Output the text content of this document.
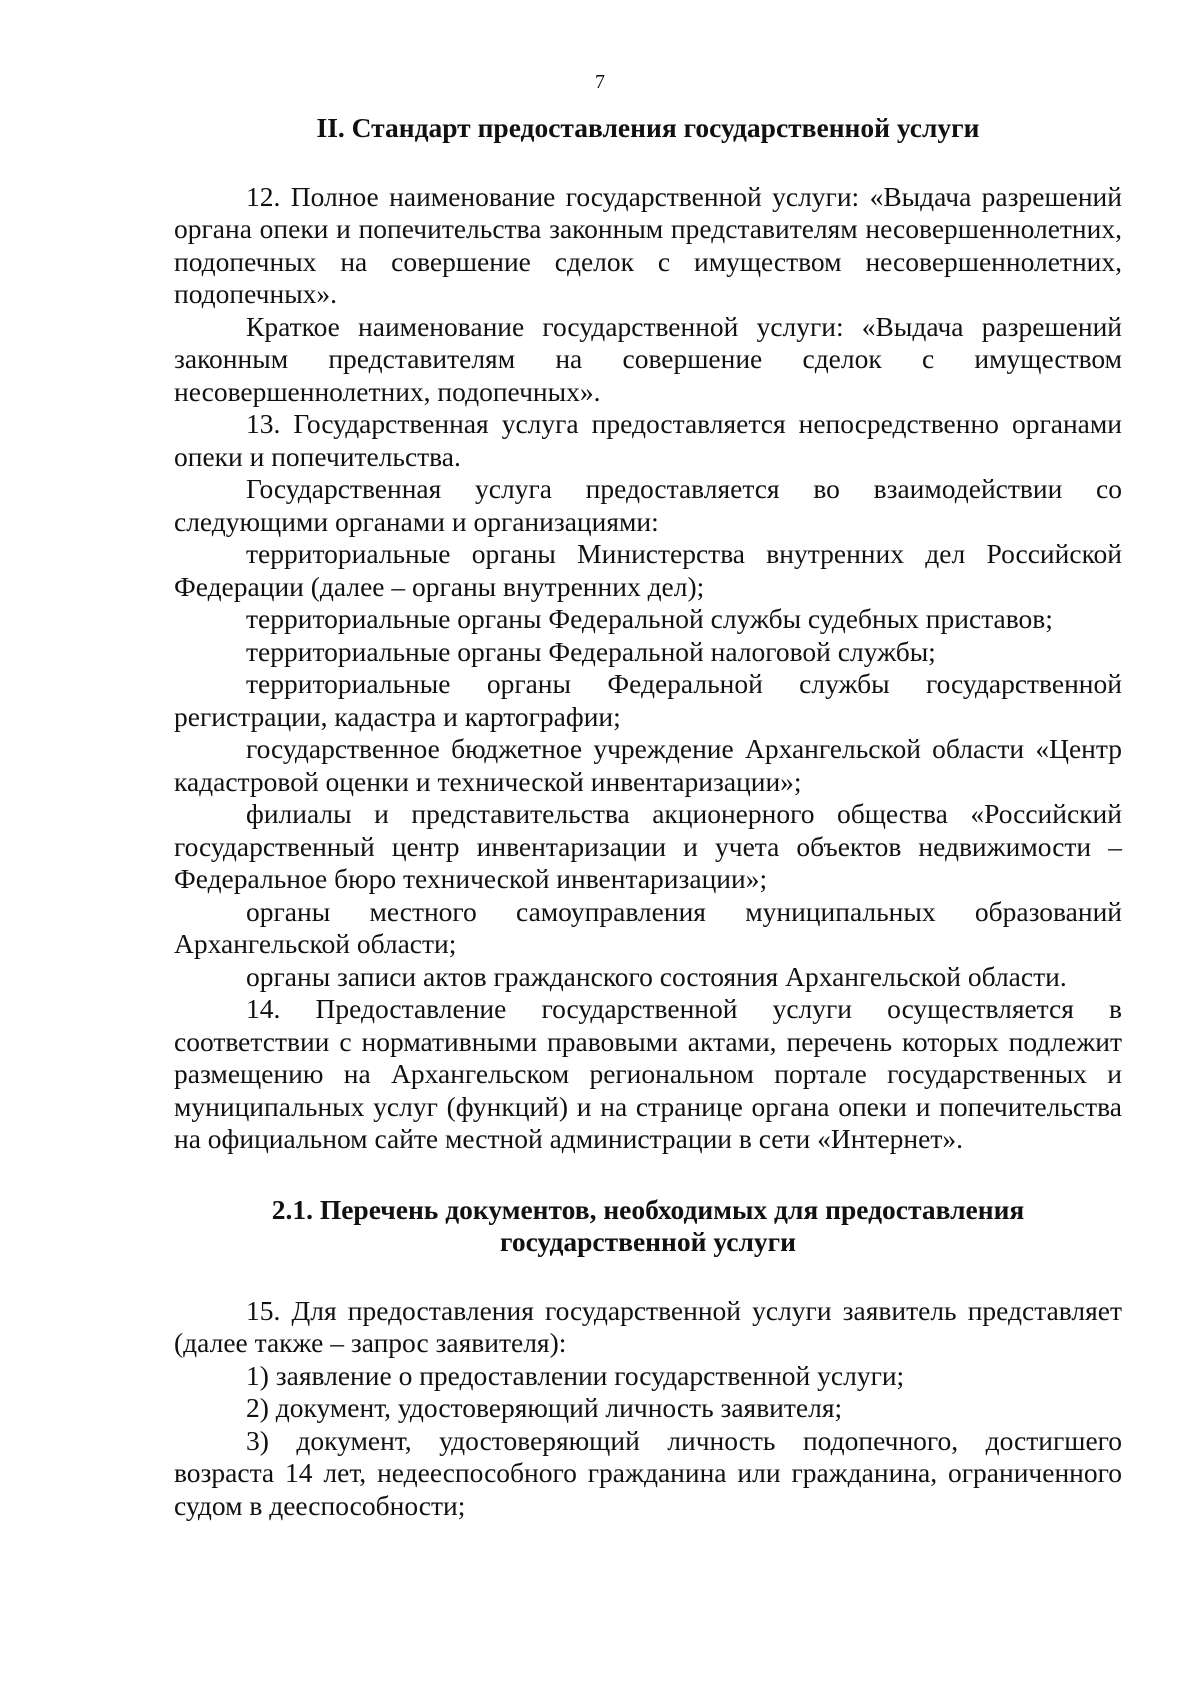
7
II. Стандарт предоставления государственной услуги

12. Полное наименование государственной услуги: «Выдача разрешений органа опеки и попечительства законным представителям несовершеннолетних, подопечных на совершение сделок с имуществом несовершеннолетних, подопечных».

Краткое наименование государственной услуги: «Выдача разрешений законным представителям на совершение сделок с имуществом несовершеннолетних, подопечных».

13. Государственная услуга предоставляется непосредственно органами опеки и попечительства.

Государственная услуга предоставляется во взаимодействии со следующими органами и организациями:

территориальные органы Министерства внутренних дел Российской Федерации (далее – органы внутренних дел);

территориальные органы Федеральной службы судебных приставов;

территориальные органы Федеральной налоговой службы;

территориальные органы Федеральной службы государственной регистрации, кадастра и картографии;

государственное бюджетное учреждение Архангельской области «Центр кадастровой оценки и технической инвентаризации»;

филиалы и представительства акционерного общества «Российский государственный центр инвентаризации и учета объектов недвижимости – Федеральное бюро технической инвентаризации»;

органы местного самоуправления муниципальных образований Архангельской области;

органы записи актов гражданского состояния Архангельской области.

14. Предоставление государственной услуги осуществляется в соответствии с нормативными правовыми актами, перечень которых подлежит размещению на Архангельском региональном портале государственных и муниципальных услуг (функций) и на странице органа опеки и попечительства на официальном сайте местной администрации в сети «Интернет».

2.1. Перечень документов, необходимых для предоставления
государственной услуги

15. Для предоставления государственной услуги заявитель представляет (далее также – запрос заявителя):

1) заявление о предоставлении государственной услуги;

2) документ, удостоверяющий личность заявителя;

3) документ, удостоверяющий личность подопечного, достигшего возраста 14 лет, недееспособного гражданина или гражданина, ограниченного судом в дееспособности;
